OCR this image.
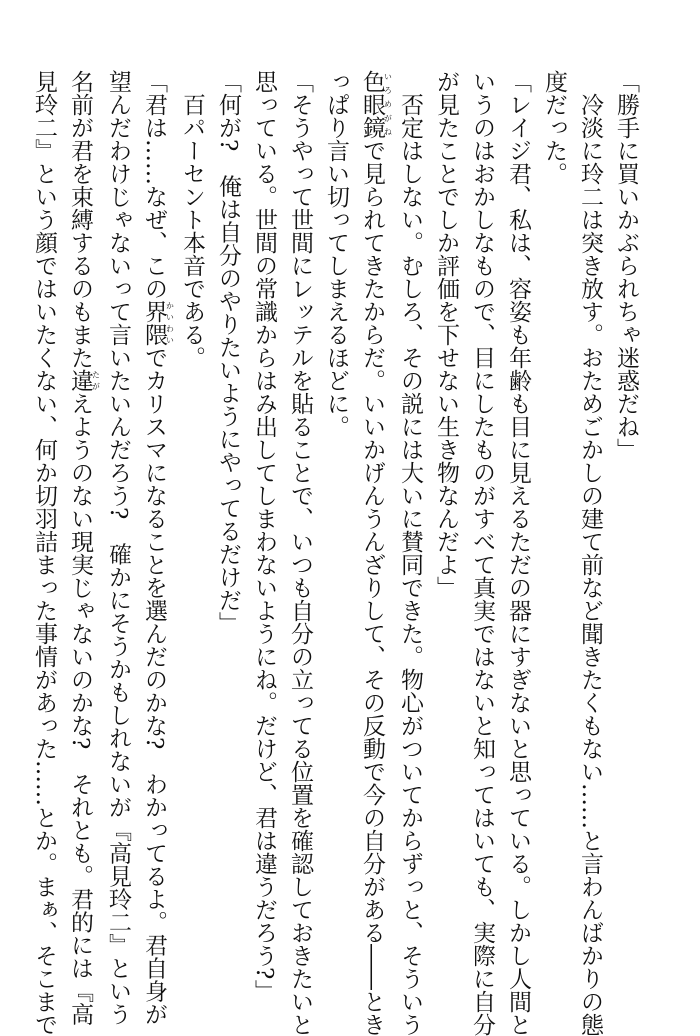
「勝手に買いかぶられちゃ迷惑だね」
　冷淡に玲二は突き放す。おためごかしの建て前など聞きたくもない……と言わんばかりの態
度だった。
「レイジ君、私は、容姿も年齢も目に見えるただの器にすぎないと思っている。しかし人間と
いうのはおかしなもので、目にしたものがすべて真実ではないと知ってはいても、実際に自分
が見たことでしか評価を下せない生き物なんだよ」
　否定はしない。むしろ、その説には大いに賛同できた。物心がついてからずっと、そういう
色眼鏡いろめがねで見られてきたからだ。いいかげんうんざりして、その反動で今の自分がある――とき
っぱり言い切ってしまえるほどに。
「そうやって世間にレッテルを貼ることで、いつも自分の立ってる位置を確認しておきたいと
思っている。世間の常識からはみ出してしまわないようにね。だけど、君は違うだろう?」
「何が?　俺は自分のやりたいようにやってるだけだ」
　百パーセント本音である。
「君は……なぜ、この界隈かいわいでカリスマになることを選んだのかな?　わかってるよ。君自身が
望んだわけじゃないって言いたいんだろう?　確かにそうかもしれないが『高見玲二』という
名前が君を束縛するのもまた違たがえようのない現実じゃないのかな?　それとも。君的には『高
見玲二』という顔ではいたくない、何か切羽詰まった事情があった……とか。まぁ、そこまで
